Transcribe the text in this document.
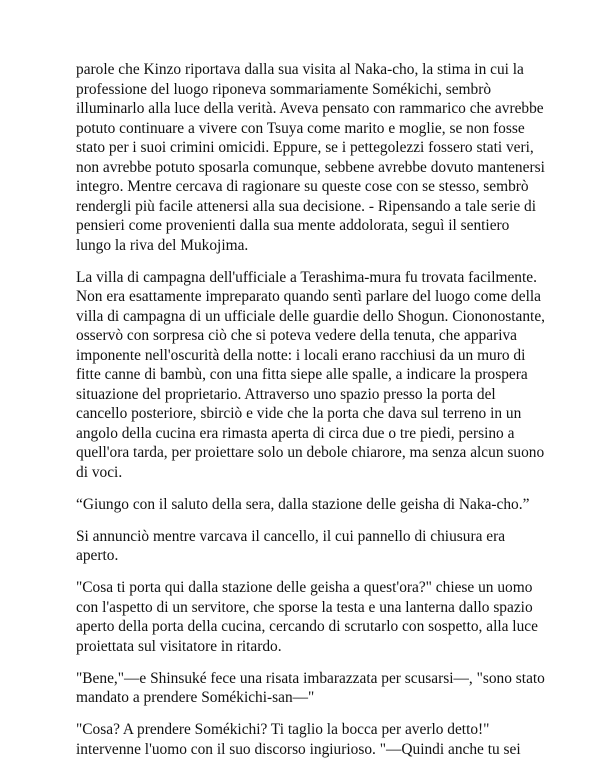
parole che Kinzo riportava dalla sua visita al Naka-cho, la stima in cui la
professione del luogo riponeva sommariamente Somékichi, sembrò
illuminarlo alla luce della verità. Aveva pensato con rammarico che avrebbe
potuto continuare a vivere con Tsuya come marito e moglie, se non fosse
stato per i suoi crimini omicidi. Eppure, se i pettegolezzi fossero stati veri,
non avrebbe potuto sposarla comunque, sebbene avrebbe dovuto mantenersi
integro. Mentre cercava di ragionare su queste cose con se stesso, sembrò
rendergli più facile attenersi alla sua decisione. - Ripensando a tale serie di
pensieri come provenienti dalla sua mente addolorata, seguì il sentiero
lungo la riva del Mukojima.

La villa di campagna dell'ufficiale a Terashima-mura fu trovata facilmente.
Non era esattamente impreparato quando sentì parlare del luogo come della
villa di campagna di un ufficiale delle guardie dello Shogun. Ciononostante,
osservò con sorpresa ciò che si poteva vedere della tenuta, che appariva
imponente nell'oscurità della notte: i locali erano racchiusi da un muro di
fitte canne di bambù, con una fitta siepe alle spalle, a indicare la prospera
situazione del proprietario. Attraverso uno spazio presso la porta del
cancello posteriore, sbirciò e vide che la porta che dava sul terreno in un
angolo della cucina era rimasta aperta di circa due o tre piedi, persino a
quell'ora tarda, per proiettare solo un debole chiarore, ma senza alcun suono
di voci.

“Giungo con il saluto della sera, dalla stazione delle geisha di Naka-cho.”

Si annunciò mentre varcava il cancello, il cui pannello di chiusura era
aperto.

"Cosa ti porta qui dalla stazione delle geisha a quest'ora?" chiese un uomo
con l'aspetto di un servitore, che sporse la testa e una lanterna dallo spazio
aperto della porta della cucina, cercando di scrutarlo con sospetto, alla luce
proiettata sul visitatore in ritardo.

"Bene,"—e Shinsuké fece una risata imbarazzata per scusarsi—, "sono stato
mandato a prendere Somékichi-san—"

"Cosa? A prendere Somékichi? Ti taglio la bocca per averlo detto!"
intervenne l'uomo con il suo discorso ingiurioso. "—Quindi anche tu sei
